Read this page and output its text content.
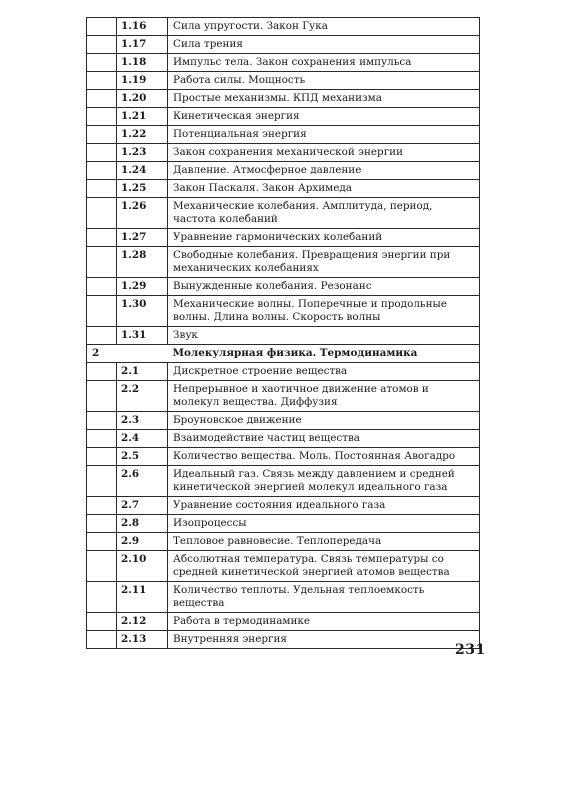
	1.16	Сила упругости. Закон Гука
	1.17	Сила трения
	1.18	Импульс тела. Закон сохранения импульса
	1.19	Работа силы. Мощность
	1.20	Простые механизмы. КПД механизма
	1.21	Кинетическая энергия
	1.22	Потенциальная энергия
	1.23	Закон сохранения механической энергии
	1.24	Давление. Атмосферное давление
	1.25	Закон Паскаля. Закон Архимеда
	1.26	Механические колебания. Амплитуда, период, частота колебаний
	1.27	Уравнение гармонических колебаний
	1.28	Свободные колебания. Превращения энергии при механических колебаниях
	1.29	Вынужденные колебания. Резонанс
	1.30	Механические волны. Поперечные и продольные волны. Длина волны. Скорость волны
	1.31	Звук
2		Молекулярная физика. Термодинамика
	2.1	Дискретное строение вещества
	2.2	Непрерывное и хаотичное движение атомов и молекул вещества. Диффузия
	2.3	Броуновское движение
	2.4	Взаимодействие частиц вещества
	2.5	Количество вещества. Моль. Постоянная Авогадро
	2.6	Идеальный газ. Связь между давлением и средней кинетической энергией молекул идеального газа
	2.7	Уравнение состояния идеального газа
	2.8	Изопроцессы
	2.9	Тепловое равновесие. Теплопередача
	2.10	Абсолютная температура. Связь температуры со средней кинетической энергией атомов вещества
	2.11	Количество теплоты. Удельная теплоемкость вещества
	2.12	Работа в термодинамике
	2.13	Внутренняя энергия
231
